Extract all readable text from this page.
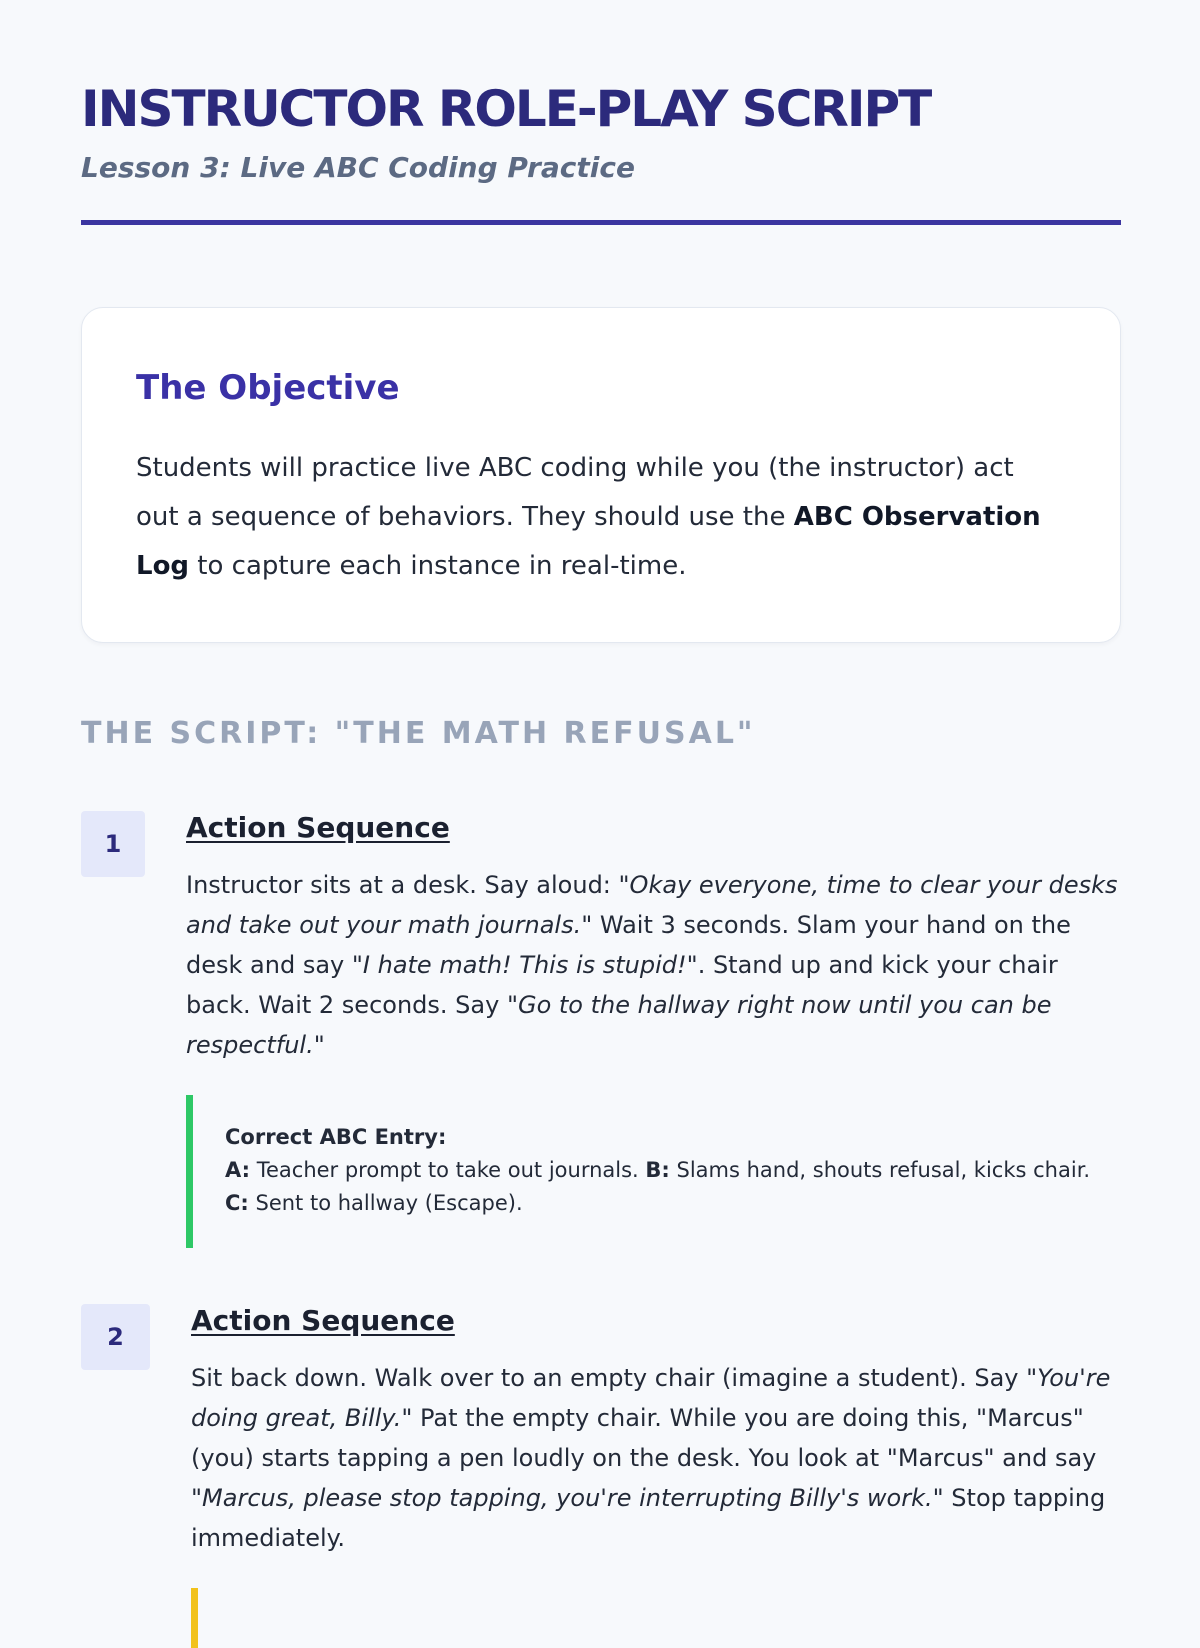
INSTRUCTOR ROLE-PLAY SCRIPT
Lesson 3: Live ABC Coding Practice
The Objective

Students will practice live ABC coding while you (the instructor) act out a sequence of behaviors. They should use the ABC Observation Log to capture each instance in real-time.

THE SCRIPT: "THE MATH REFUSAL"
1	Action Sequence

Instructor sits at a desk. Say aloud: "Okay everyone, time to clear your desks and take out your math journals." Wait 3 seconds. Slam your hand on the desk and say "I hate math! This is stupid!". Stand up and kick your chair back. Wait 2 seconds. Say "Go to the hallway right now until you can be respectful."

Correct ABC Entry:
A: Teacher prompt to take out journals. B: Slams hand, shouts refusal, kicks chair. C: Sent to hallway (Escape).
2	Action Sequence

Sit back down. Walk over to an empty chair (imagine a student). Say "You're doing great, Billy." Pat the empty chair. While you are doing this, "Marcus" (you) starts tapping a pen loudly on the desk. You look at "Marcus" and say "Marcus, please stop tapping, you're interrupting Billy's work." Stop tapping immediately.
